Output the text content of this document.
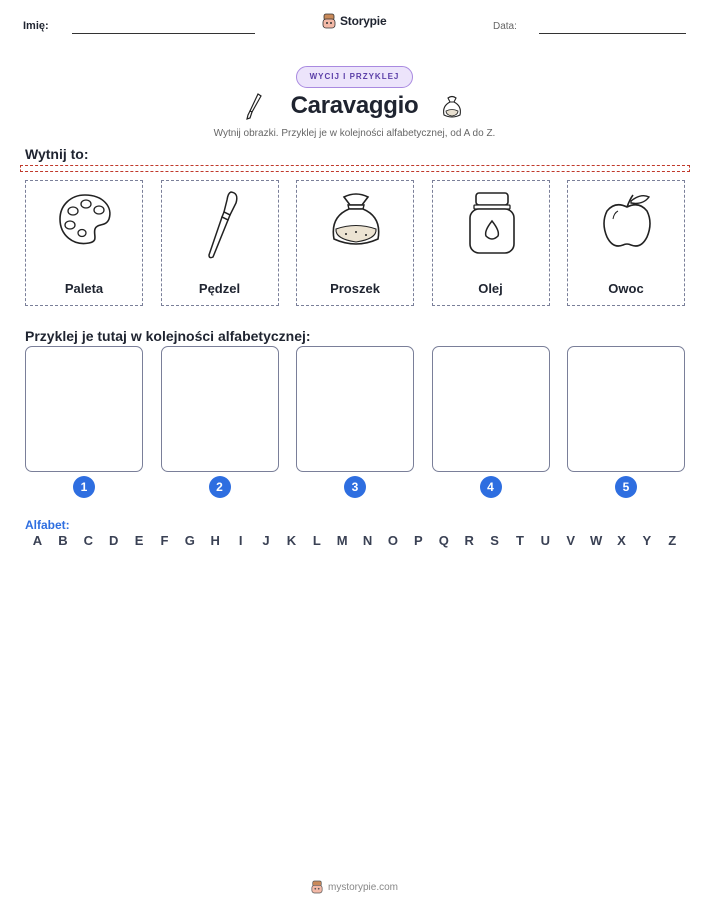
Imię:	Storypie	Data:
WYCIJ I PRZYKLEJ
Caravaggio
Wytnij obrazki. Przyklej je w kolejności alfabetycznej, od A do Z.
Wytnij to:
Paleta	Pędzel	Proszek	Olej	Owoc
Przyklej je tutaj w kolejności alfabetycznej:
1	2	3	4	5
Alfabet:
A	B	C	D	E	F	G	H	I	J	K	L	M	N	O	P	Q	R	S	T	U	V	W	X	Y	Z
mystorypie.com
